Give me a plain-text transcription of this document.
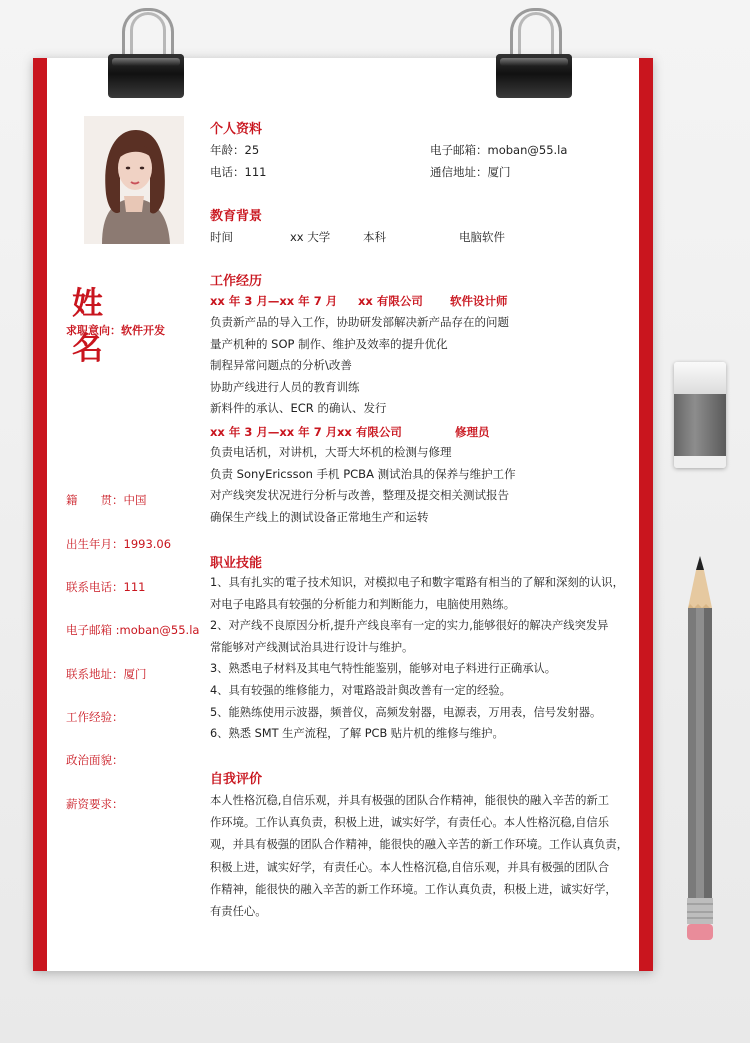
姓 名
求职意向：软件开发
籍　　贯：中国
出生年月：1993.06
联系电话：111
电子邮箱 :moban@55.la
联系地址：厦门
工作经验：
政治面貌：
薪资要求：
个人资料
年龄：25	电子邮箱：moban@55.la
电话：111	通信地址：厦门
教育背景
时间	xx 大学	本科	电脑软件
工作经历
xx 年 3 月—xx 年 7 月 xx 有限公司 软件设计师
负责新产品的导入工作，协助研发部解决新产品存在的问题
量产机种的 SOP 制作、维护及效率的提升优化
制程异常问题点的分析\改善
协助产线进行人员的教育训练
新料件的承认、ECR 的确认、发行
xx 年 3 月—xx 年 7 月 xx 有限公司	修理员
负责电话机，对讲机，大哥大坏机的检测与修理
负责 SonyEricsson 手机 PCBA 测试治具的保养与维护工作
对产线突发状况进行分析与改善，整理及提交相关测试报告
确保生产线上的测试设备正常地生产和运转
职业技能
1、具有扎实的電子技术知识，对模拟电子和數字電路有相当的了解和深刻的认识，
对电子电路具有较强的分析能力和判断能力，电脑使用熟练。
2、对产线不良原因分析,提升产线良率有一定的实力,能够很好的解决产线突发异
常能够对产线测试治具进行设计与维护。
3、熟悉电子材料及其电气特性能鉴别，能够对电子料进行正确承认。
4、具有较强的维修能力，对電路設計與改善有一定的经验。
5、能熟练使用示波器，频普仪，高频发射器，电源表，万用表，信号发射器。
6、熟悉 SMT 生产流程，了解 PCB 贴片机的维修与维护。
自我评价
本人性格沉稳,自信乐观，并具有极强的团队合作精神，能很快的融入辛苦的新工
作环境。工作认真负责，积极上进，诚实好学，有责任心。本人性格沉稳,自信乐
观，并具有极强的团队合作精神，能很快的融入辛苦的新工作环境。工作认真负责，
积极上进，诚实好学，有责任心。本人性格沉稳,自信乐观，并具有极强的团队合
作精神，能很快的融入辛苦的新工作环境。工作认真负责，积极上进，诚实好学，
有责任心。
